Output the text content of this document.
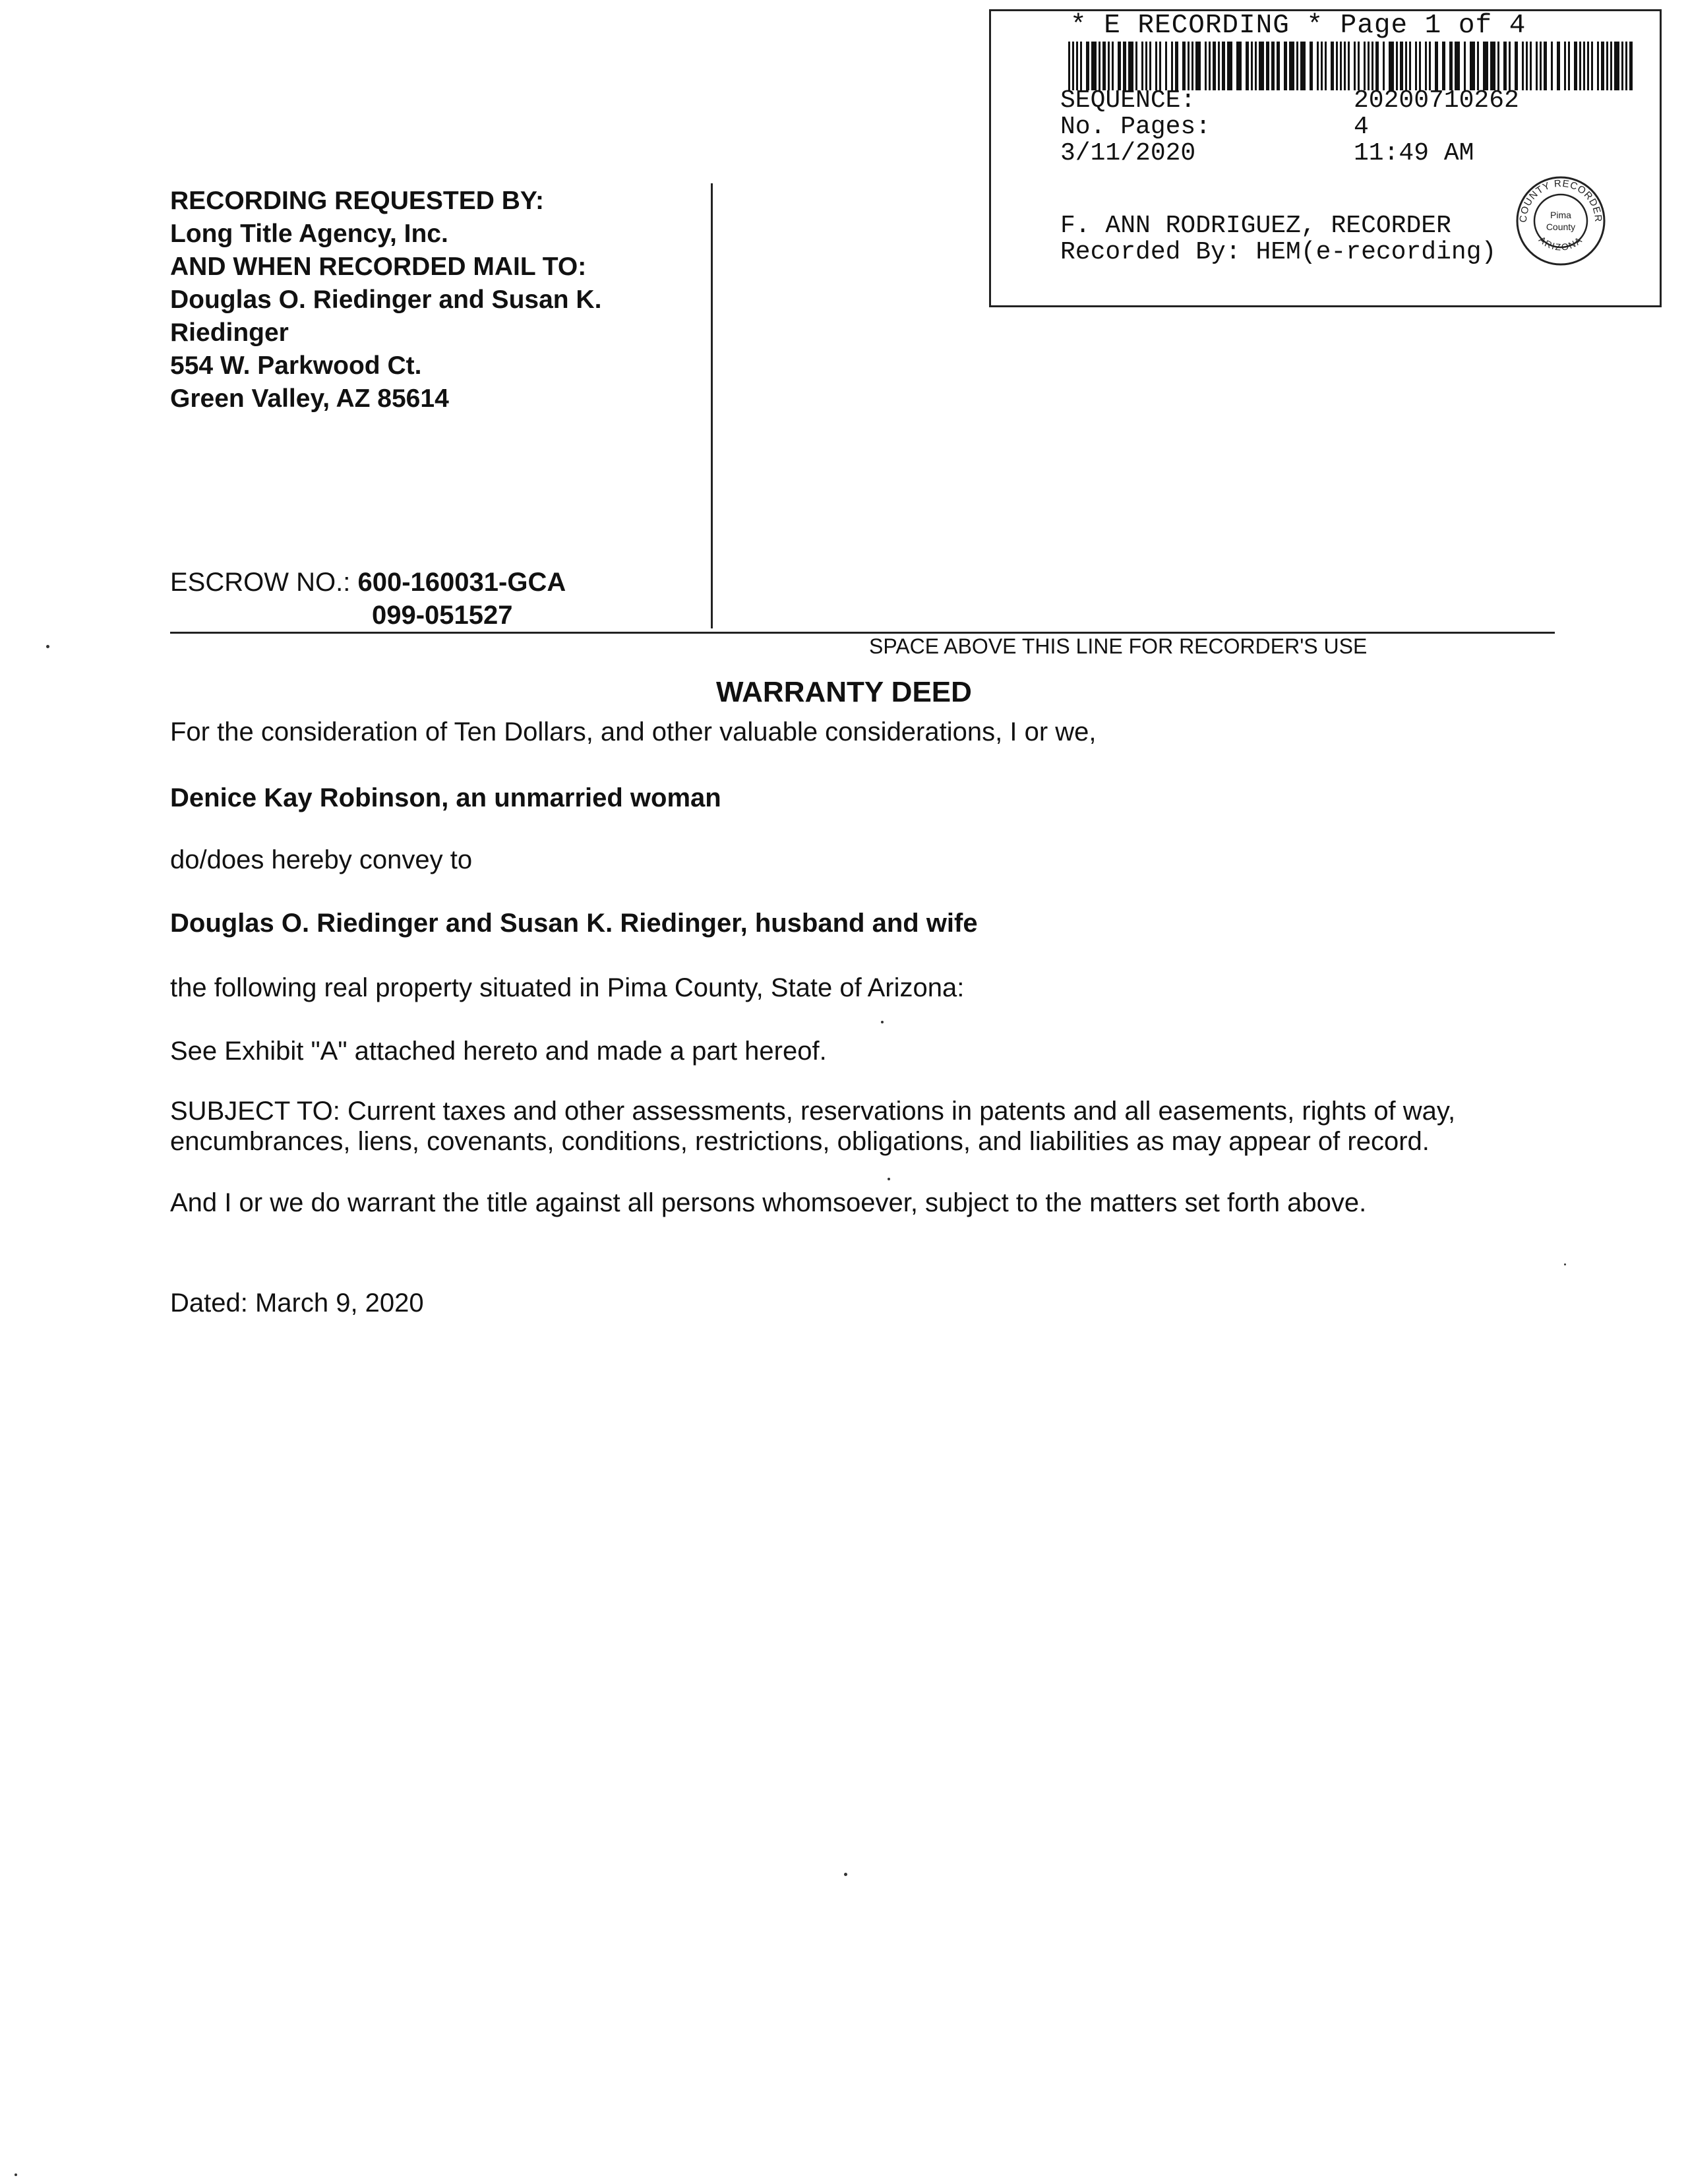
* E RECORDING * Page 1 of 4
SEQUENCE:	20200710262
No. Pages:	4
3/11/2020	11:49 AM
F. ANN RODRIGUEZ, RECORDER
Recorded By: HEM(e-recording)
COUNTY RECORDER
ARIZONA
Pima
County
RECORDING REQUESTED BY:
Long Title Agency, Inc.
AND WHEN RECORDED MAIL TO:
Douglas O. Riedinger and Susan K.
Riedinger
554 W. Parkwood Ct.
Green Valley, AZ 85614
ESCROW NO.: 600-160031-GCA
099-051527
SPACE ABOVE THIS LINE FOR RECORDER'S USE
WARRANTY DEED
For the consideration of Ten Dollars, and other valuable considerations, I or we,
Denice Kay Robinson, an unmarried woman
do/does hereby convey to
Douglas O. Riedinger and Susan K. Riedinger, husband and wife
the following real property situated in Pima County, State of Arizona:
See Exhibit "A" attached hereto and made a part hereof.
SUBJECT TO: Current taxes and other assessments, reservations in patents and all easements, rights of way, encumbrances, liens, covenants, conditions, restrictions, obligations, and liabilities as may appear of record.
And I or we do warrant the title against all persons whomsoever, subject to the matters set forth above.
Dated: March 9, 2020
